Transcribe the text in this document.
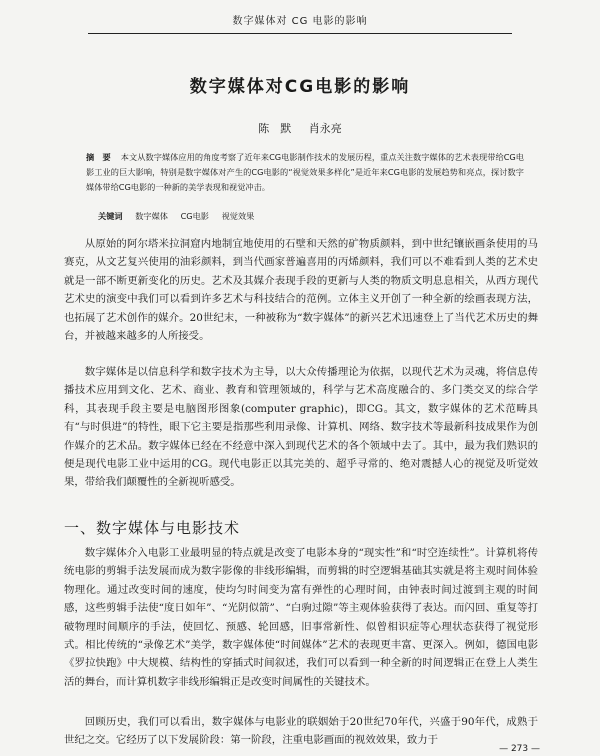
数字媒体对 CG 电影的影响
数字媒体对CG电影的影响
陈　默 肖永亮
摘　要 本文从数字媒体应用的角度考察了近年来CG电影制作技术的发展历程，重点关注数字媒体的艺术表现带给CG电影工业的巨大影响，特别是数字媒体对产生的CG电影的“视觉效果多样化”是近年来CG电影的发展趋势和亮点，探讨数字媒体带给CG电影的一种新的美学表现和视觉冲击。
关键词 数字媒体 CG电影 视觉效果

从原始的阿尔塔米拉洞窟内地制宜地使用的石壁和天然的矿物质颜料，到中世纪镶嵌画条使用的马赛克，从文艺复兴使用的油彩颜料，到当代画家普遍喜用的丙烯颜料，我们可以不难看到人类的艺术史就是一部不断更新变化的历史。艺术及其媒介表现手段的更新与人类的物质文明息息相关，从西方现代艺术史的演变中我们可以看到许多艺术与科技结合的范例。立体主义开创了一种全新的绘画表现方法，也拓展了艺术创作的媒介。20世纪末，一种被称为“数字媒体”的新兴艺术迅速登上了当代艺术历史的舞台，并被越来越多的人所接受。

数字媒体是以信息科学和数字技术为主导，以大众传播理论为依据，以现代艺术为灵魂，将信息传播技术应用到文化、艺术、商业、教育和管理领域的，科学与艺术高度融合的、多门类交叉的综合学科，其表现手段主要是电脑图形图象(computer graphic)，即CG。其文，数字媒体的艺术范畴具有“与时俱进”的特性，眼下它主要是指那些利用录像、计算机、网络、数字技术等最新科技成果作为创作媒介的艺术品。数字媒体已经在不经意中深入到现代艺术的各个领域中去了。其中，最为我们熟识的便是现代电影工业中运用的CG。现代电影正以其完美的、超乎寻常的、绝对震撼人心的视觉及听觉效果，带给我们颠覆性的全新视听感受。

一、数字媒体与电影技术

数字媒体介入电影工业最明显的特点就是改变了电影本身的“现实性”和“时空连续性”。计算机将传统电影的剪辑手法发展而成为数字影像的非线形编辑，而剪辑的时空逻辑基础其实就是将主观时间体验物理化。通过改变时间的速度，使均匀时间变为富有弹性的心理时间，由钟表时间过渡到主观的时间感，这些剪辑手法使“度日如年”、“光阴似箭”、“白驹过隙”等主观体验获得了表达。而闪回、重复等打破物理时间顺序的手法，使回忆、预感、轮回感，旧事常新性、似曾相识症等心理状态获得了视觉形式。相比传统的“录像艺术”美学，数字媒体使“时间媒体”艺术的表现更丰富、更深入。例如，德国电影《罗拉快跑》中大规模、结构性的穿插式时间叙述，我们可以看到一种全新的时间逻辑正在登上人类生活的舞台，而计算机数字非线形编辑正是改变时间属性的关键技术。

回顾历史，我们可以看出，数字媒体与电影业的联姻始于20世纪70年代，兴盛于90年代，成熟于世纪之交。它经历了以下发展阶段：第一阶段，注重电影画面的视效效果，致力于

— 273 —
